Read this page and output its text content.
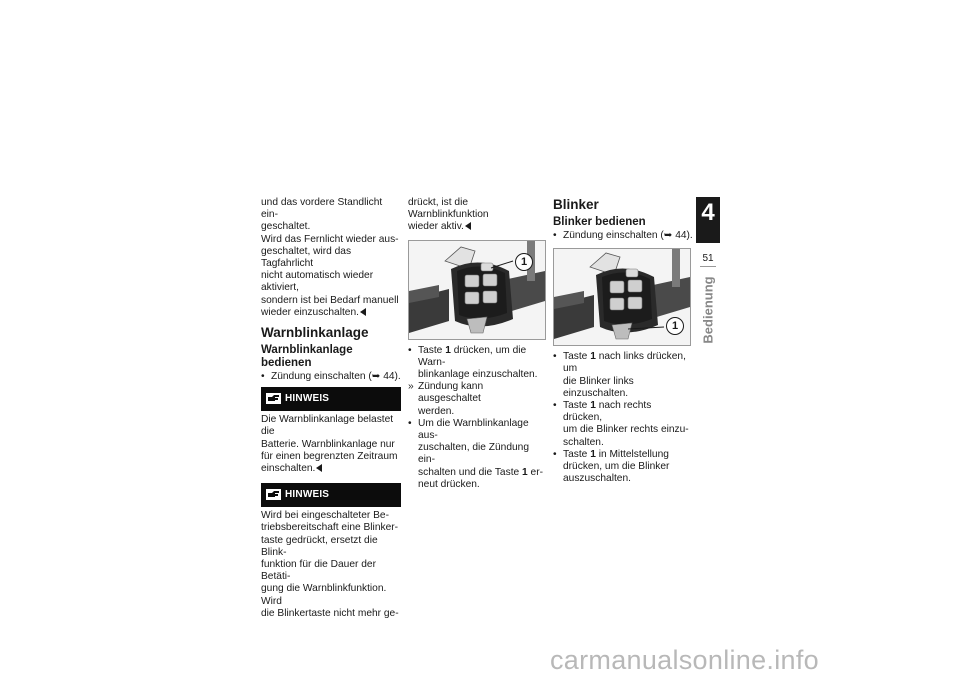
und das vordere Standlicht ein-
geschaltet.
Wird das Fernlicht wieder aus-
geschaltet, wird das Tagfahrlicht
nicht automatisch wieder aktiviert,
sondern ist bei Bedarf manuell
wieder einzuschalten.

Warnblinkanlage
Warnblinkanlage bedienen
• Zündung einschalten (➥ 44).
HINWEIS

Die Warnblinkanlage belastet die
Batterie. Warnblinkanlage nur
für einen begrenzten Zeitraum
einschalten.

HINWEIS

Wird bei eingeschalteter Be-
triebsbereitschaft eine Blinker-
taste gedrückt, ersetzt die Blink-
funktion für die Dauer der Betäti-
gung die Warnblinkfunktion. Wird
die Blinkertaste nicht mehr ge-

drückt, ist die Warnblinkfunktion
wieder aktiv.

1
• Taste 1 drücken, um die Warn-
blinkanlage einzuschalten.
» Zündung kann ausgeschaltet
werden.
• Um die Warnblinkanlage aus-
zuschalten, die Zündung ein-
schalten und die Taste 1 er-
neut drücken.
Blinker
Blinker bedienen
• Zündung einschalten (➥ 44).
1
• Taste 1 nach links drücken, um
die Blinker links einzuschalten.
• Taste 1 nach rechts drücken,
um die Blinker rechts einzu-
schalten.
• Taste 1 in Mittelstellung
drücken, um die Blinker
auszuschalten.
4
51
Bedienung
carmanualsonline.info
